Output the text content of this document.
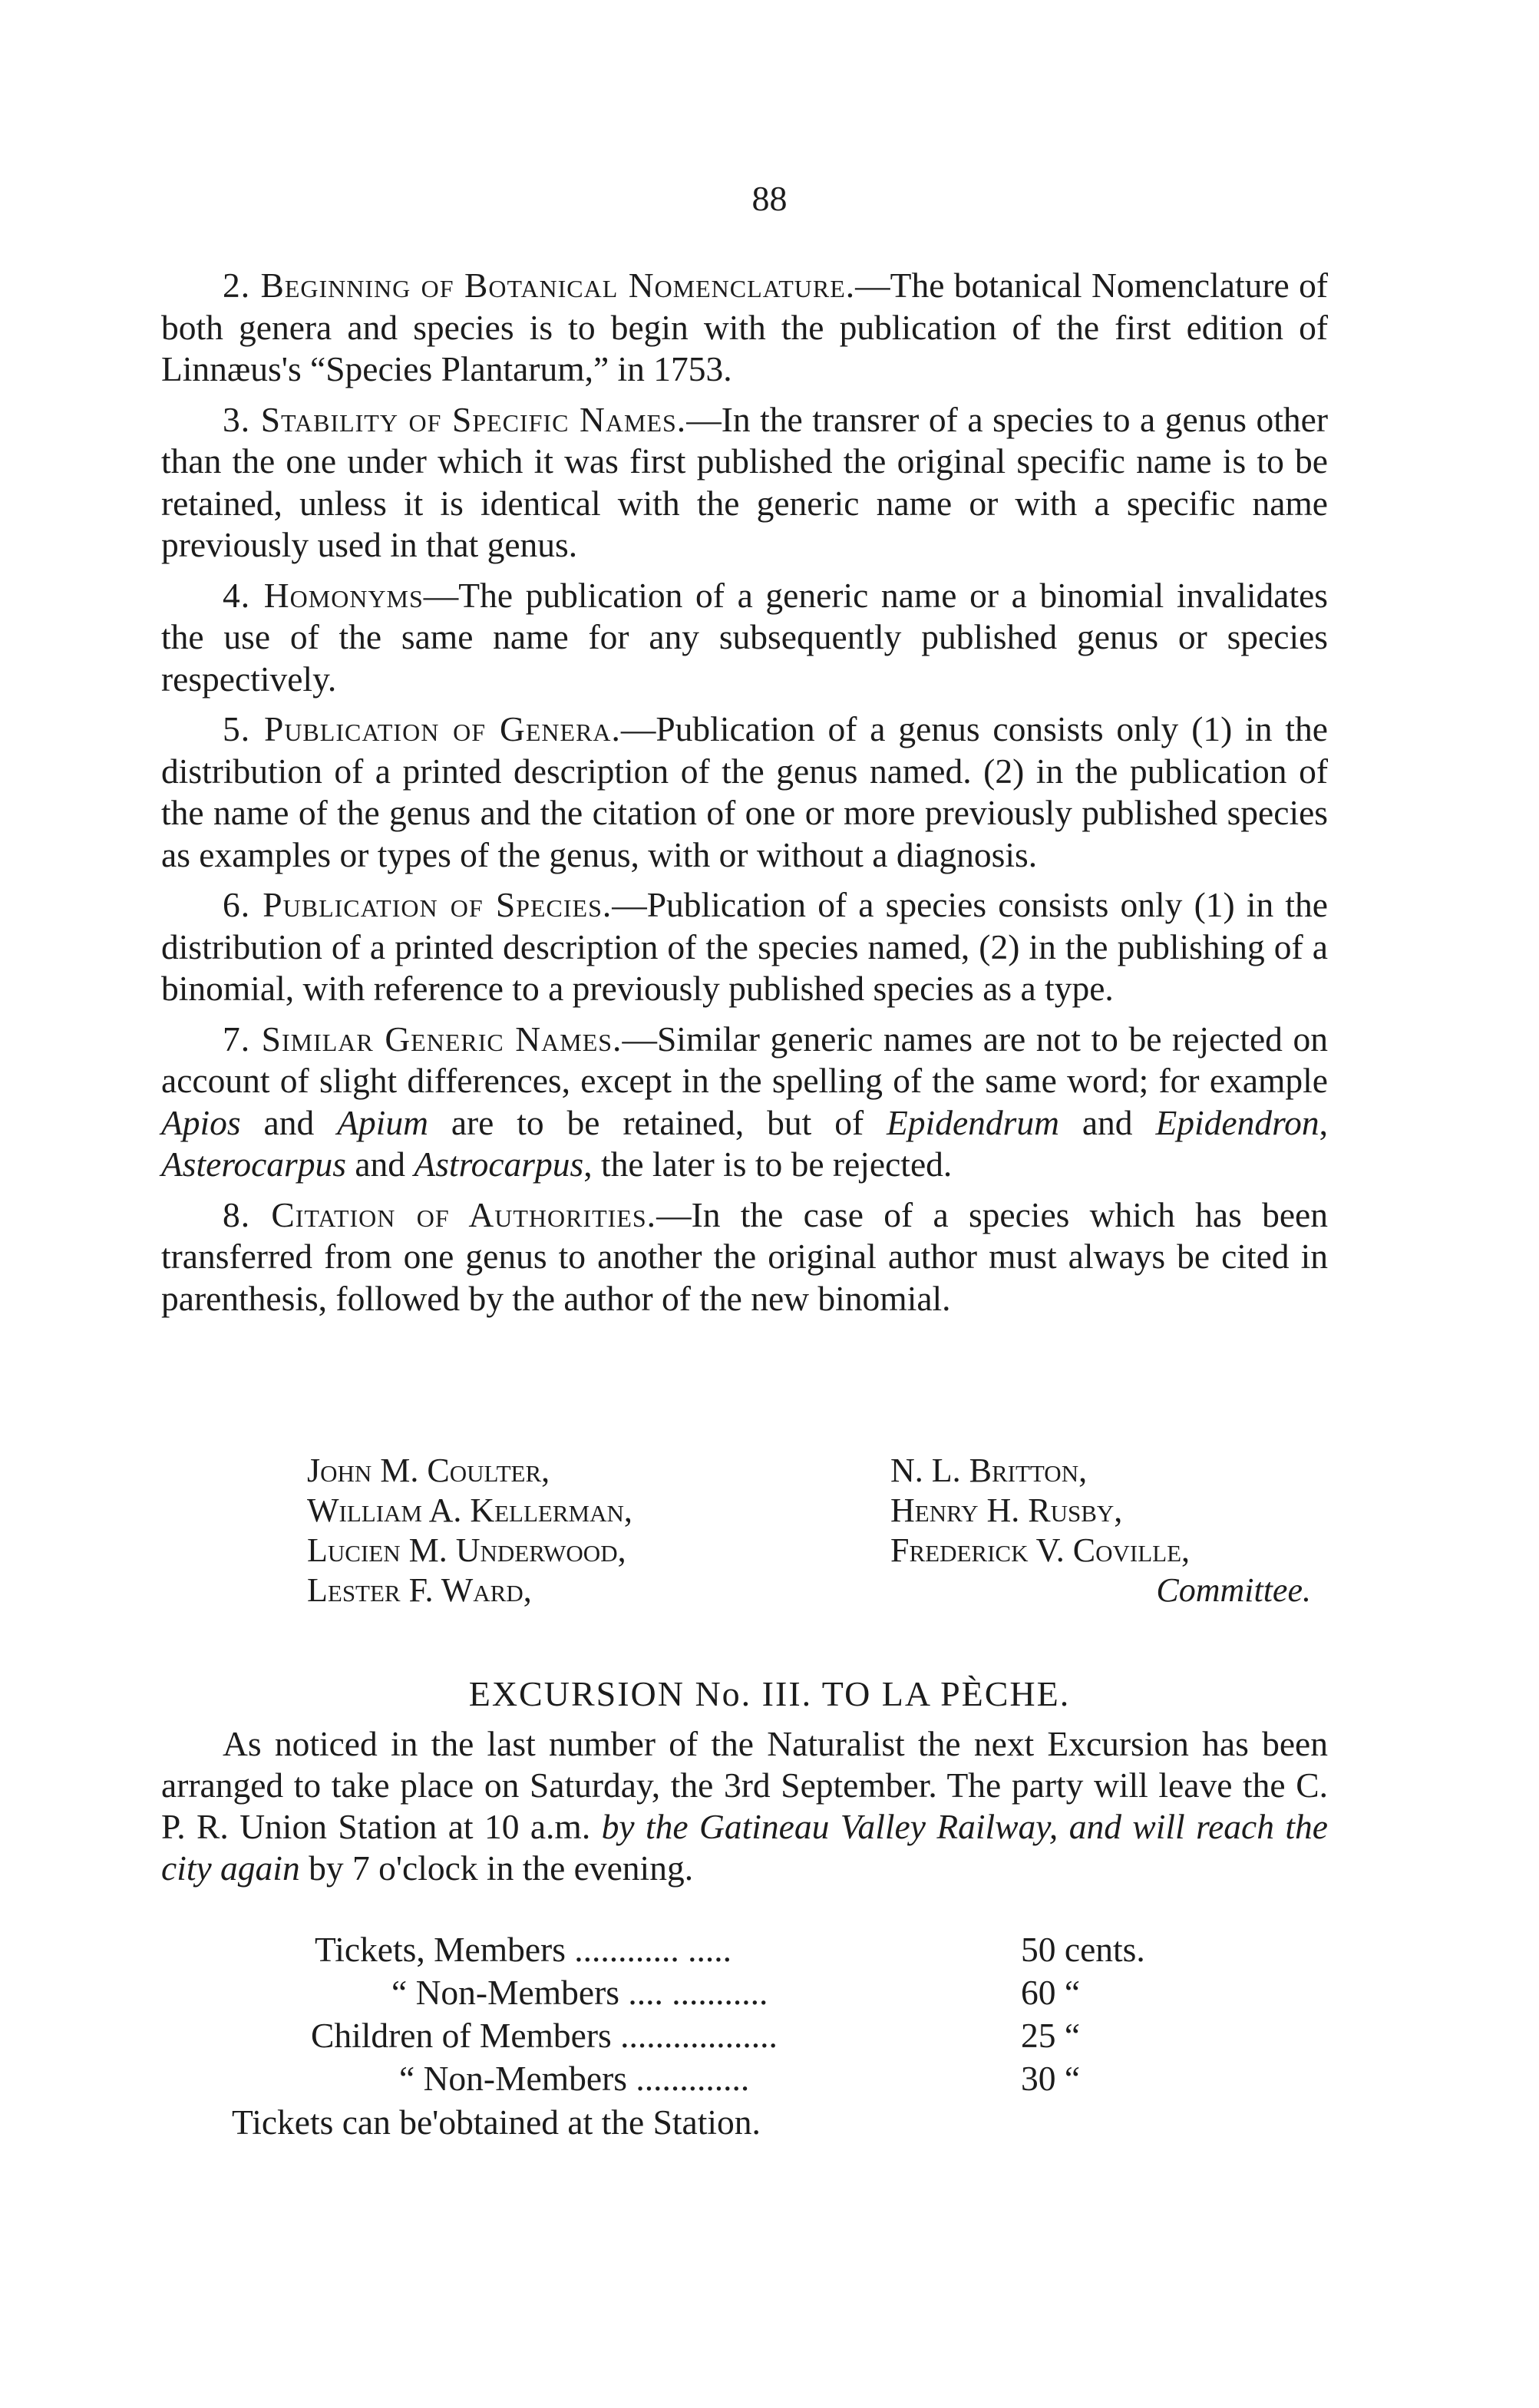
88

2. Beginning of Botanical Nomenclature.—The botanical Nomenclature of both genera and species is to begin with the publication of the first edition of Linnæus's “Species Plantarum,” in 1753.

3. Stability of Specific Names.—In the transrer of a species to a genus other than the one under which it was first published the original specific name is to be retained, unless it is identical with the generic name or with a specific name previously used in that genus.

4. Homonyms—The publication of a generic name or a binomial invalidates the use of the same name for any subsequently published genus or species respectively.

5. Publication of Genera.—Publication of a genus consists only (1) in the distribution of a printed description of the genus named. (2) in the publication of the name of the genus and the citation of one or more previously published species as examples or types of the genus, with or without a diagnosis.

6. Publication of Species.—Publication of a species consists only (1) in the distribution of a printed description of the species named, (2) in the publishing of a binomial, with reference to a previously published species as a type.

7. Similar Generic Names.—Similar generic names are not to be rejected on account of slight differences, except in the spelling of the same word; for example Apios and Apium are to be retained, but of Epidendrum and Epidendron, Asterocarpus and Astrocarpus, the later is to be rejected.

8. Citation of Authorities.—In the case of a species which has been transferred from one genus to another the original author must always be cited in parenthesis, followed by the author of the new binomial.

John M. Coulter,
William A. Kellerman,
Lucien M. Underwood,
Lester F. Ward,
N. L. Britton,
Henry H. Rusby,
Frederick V. Coville,
Committee.
EXCURSION No. III. TO LA PÈCHE.

As noticed in the last number of the Naturalist the next Excursion has been arranged to take place on Saturday, the 3rd September. The party will leave the C. P. R. Union Station at 10 a.m. by the Gatineau Valley Railway, and will reach the city again by 7 o'clock in the evening.

Tickets, Members ............ .....	50 cents.
“ Non-Members .... ...........	60 “
Children of Members ..................	25 “
“ Non-Members .............	30 “
Tickets can be'obtained at the Station.
